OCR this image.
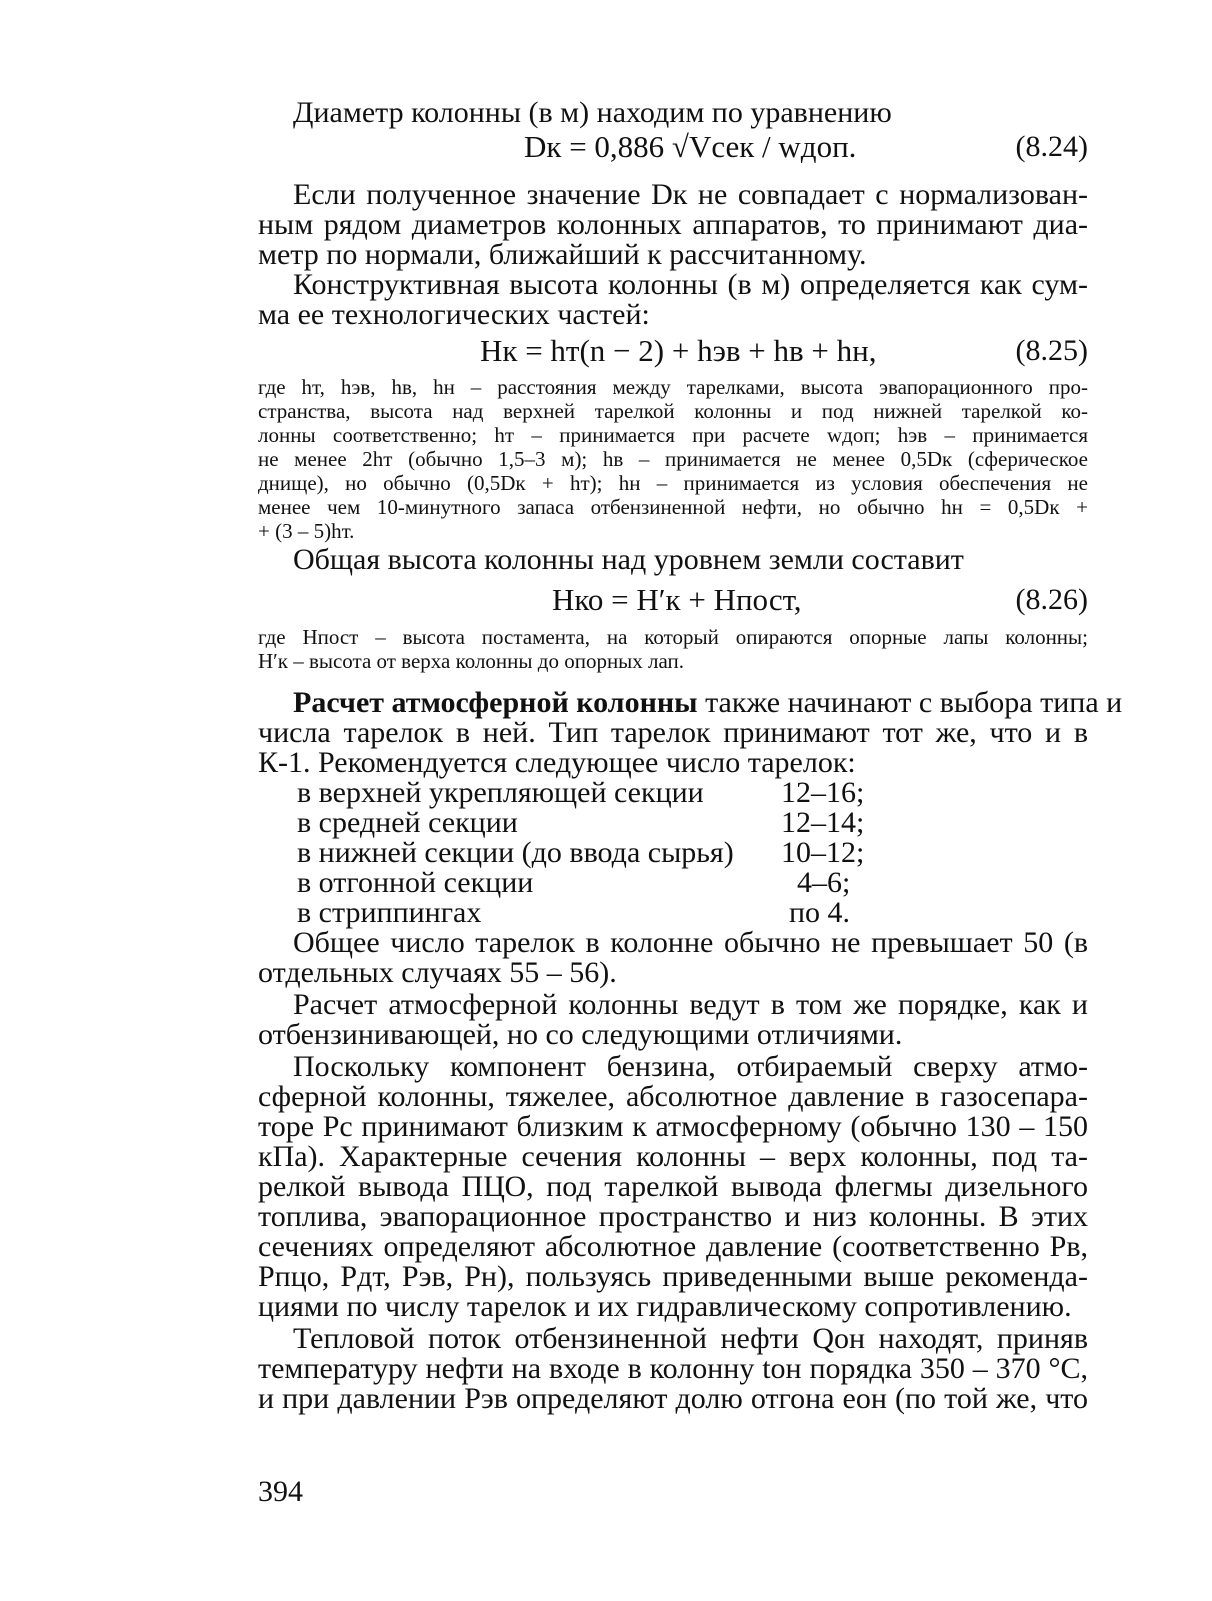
Диаметр колонны (в м) находим по уравнению
Dк = 0,886 √Vсек / wдоп.	(8.24)
Если полученное значение Dк не совпадает с нормализован-
ным рядом диаметров колонных аппаратов, то принимают диа-
метр по нормали, ближайший к рассчитанному.
Конструктивная высота колонны (в м) определяется как сум-
ма ее технологических частей:
Hк = hт(n − 2) + hэв + hв + hн,	(8.25)
где hт, hэв, hв, hн – расстояния между тарелками, высота эвапорационного про-
странства, высота над верхней тарелкой колонны и под нижней тарелкой ко-
лонны соответственно; hт – принимается при расчете wдоп; hэв – принимается
не менее 2hт (обычно 1,5–3 м); hв – принимается не менее 0,5Dк (сферическое
днище), но обычно (0,5Dк + hт); hн – принимается из условия обеспечения не
менее чем 10-минутного запаса отбензиненной нефти, но обычно hн = 0,5Dк +
+ (3 – 5)hт.
Общая высота колонны над уровнем земли составит
Hко = H′к + Hпост,	(8.26)
где Hпост – высота постамента, на который опираются опорные лапы колонны;
H′к – высота от верха колонны до опорных лап.
Расчет атмосферной колонны также начинают с выбора типа и
числа тарелок в ней. Тип тарелок принимают тот же, что и в
К-1. Рекомендуется следующее число тарелок:
в верхней укрепляющей секции	12–16;
в средней секции	12–14;
в нижней секции (до ввода сырья) 10–12;
в отгонной секции	4–6;
в стриппингах	по 4.
Общее число тарелок в колонне обычно не превышает 50 (в
отдельных случаях 55 – 56).
Расчет атмосферной колонны ведут в том же порядке, как и
отбензинивающей, но со следующими отличиями.
Поскольку компонент бензина, отбираемый сверху атмо-
сферной колонны, тяжелее, абсолютное давление в газосепара-
торе Pс принимают близким к атмосферному (обычно 130 – 150
кПа). Характерные сечения колонны – верх колонны, под та-
релкой вывода ПЦО, под тарелкой вывода флегмы дизельного
топлива, эвапорационное пространство и низ колонны. В этих
сечениях определяют абсолютное давление (соответственно Pв,
Pпцо, Pдт, Pэв, Pн), пользуясь приведенными выше рекоменда-
циями по числу тарелок и их гидравлическому сопротивлению.
Тепловой поток отбензиненной нефти Qон находят, приняв
температуру нефти на входе в колонну tон порядка 350 – 370 °С,
и при давлении Pэв определяют долю отгона eон (по той же, что
394
